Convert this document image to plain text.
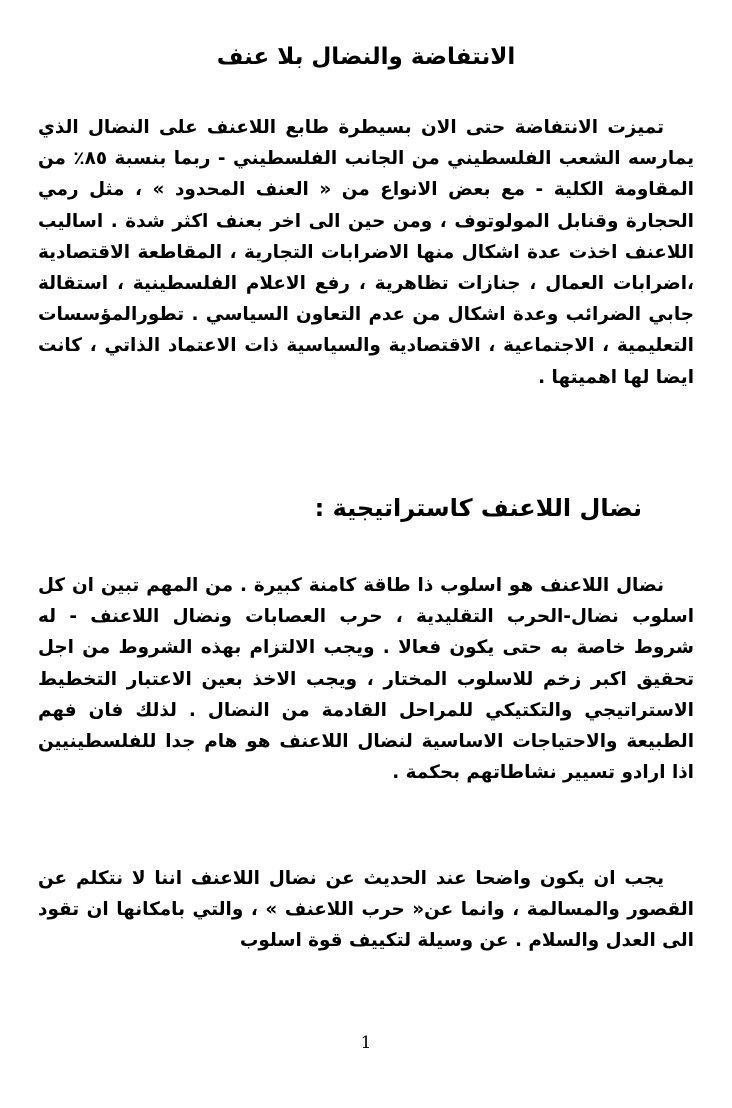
الانتفاضة والنضال بلا عنف

تميزت الانتفاضة حتى الان بسيطرة طابع اللاعنف على النضال الذي يمارسه الشعب الفلسطيني من الجانب الفلسطيني - ربما بنسبة ٨٥٪ من المقاومة الكلية - مع بعض الانواع من « العنف المحدود » ، مثل رمي الحجارة وقنابل المولوتوف ، ومن حين الى اخر بعنف اكثر شدة . اساليب اللاعنف اخذت عدة اشكال منها الاضرابات التجارية ، المقاطعة الاقتصادية ،اضرابات العمال ، جنازات تظاهرية ، رفع الاعلام الفلسطينية ، استقالة جابي الضرائب وعدة اشكال من عدم التعاون السياسي . تطورالمؤسسات التعليمية ، الاجتماعية ، الاقتصادية والسياسية ذات الاعتماد الذاتي ، كانت ايضا لها اهميتها .

نضال اللاعنف كاستراتيجية :

نضال اللاعنف هو اسلوب ذا طاقة كامنة كبيرة . من المهم تبين ان كل اسلوب نضال-الحرب التقليدية ، حرب العصابات ونضال اللاعنف - له شروط خاصة به حتى يكون فعالا . ويجب الالتزام بهذه الشروط من اجل تحقيق اكبر زخم للاسلوب المختار ، ويجب الاخذ بعين الاعتبار التخطيط الاستراتيجي والتكتيكي للمراحل القادمة من النضال . لذلك فان فهم الطبيعة والاحتياجات الاساسية لنضال اللاعنف هو هام جدا للفلسطينيين اذا ارادو تسيير نشاطاتهم بحكمة .

يجب ان يكون واضحا عند الحديث عن نضال اللاعنف اننا لا نتكلم عن القصور والمسالمة ، وانما عن« حرب اللاعنف » ، والتي بامكانها ان تقود الى العدل والسلام . عن وسيلة لتكييف قوة اسلوب

1
